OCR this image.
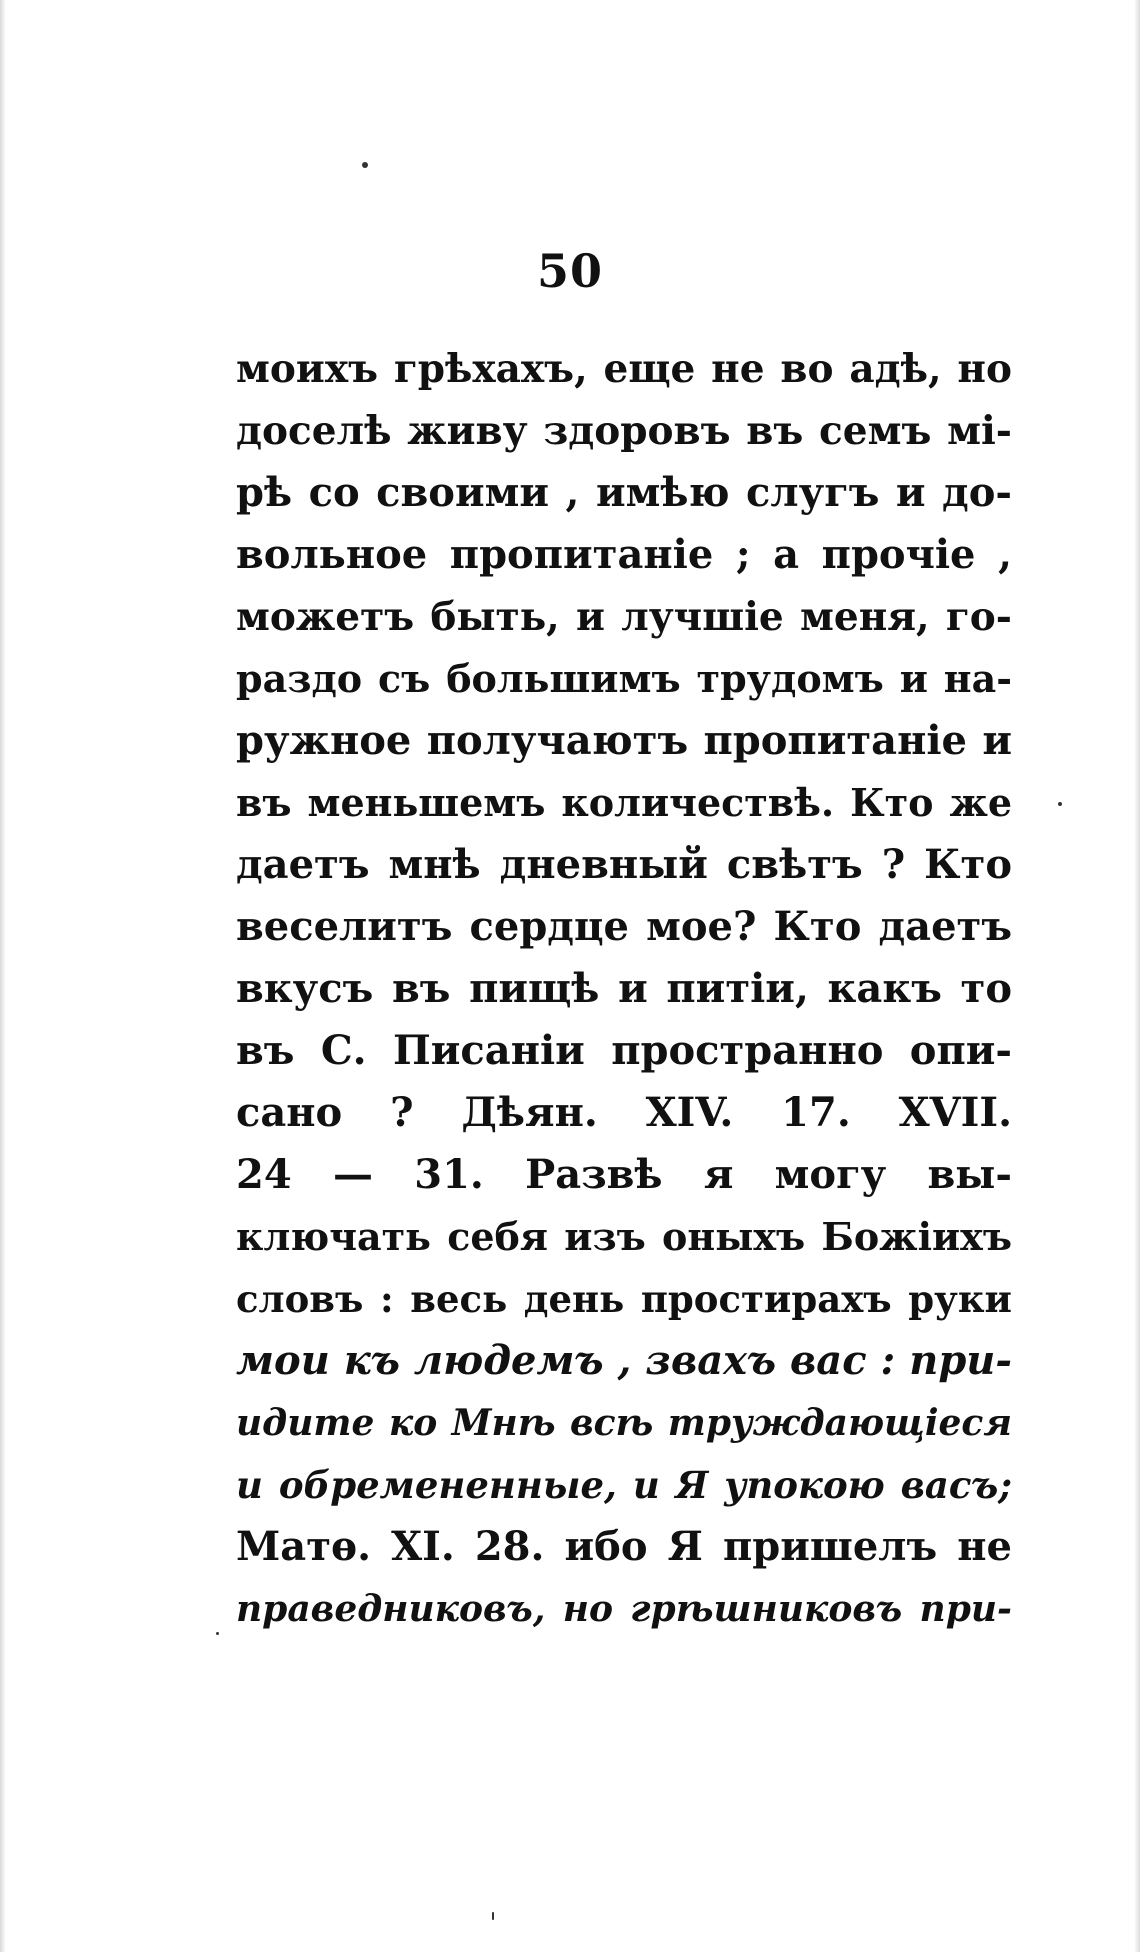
50
моихъ грѣхахъ, еще не во адѣ, но
доселѣ живу здоровъ въ семъ мі-
рѣ со своими , имѣю слугъ и до-
вольное пропитаніе ; а прочіе ,
можетъ быть, и лучшіе меня, го-
раздо съ большимъ трудомъ и на-
ружное получаютъ пропитаніе и
въ меньшемъ количествѣ. Кто же
даетъ мнѣ дневный свѣтъ ? Кто
веселитъ сердце мое? Кто даетъ
вкусъ въ пищѣ и питіи, какъ то
въ С. Писаніи пространно опи-
сано ? Дѣян. XIV. 17. XVII.
24 — 31. Развѣ я могу вы-
ключать себя изъ оныхъ Божіихъ
словъ : весь день простирахъ руки
мои къ людемъ , звахъ вас : при-
идите ко Мнѣ всѣ труждающіеся
и обремененные, и Я упокою васъ;
Матѳ. XI. 28. ибо Я пришелъ не
праведниковъ, но грѣшниковъ при-
